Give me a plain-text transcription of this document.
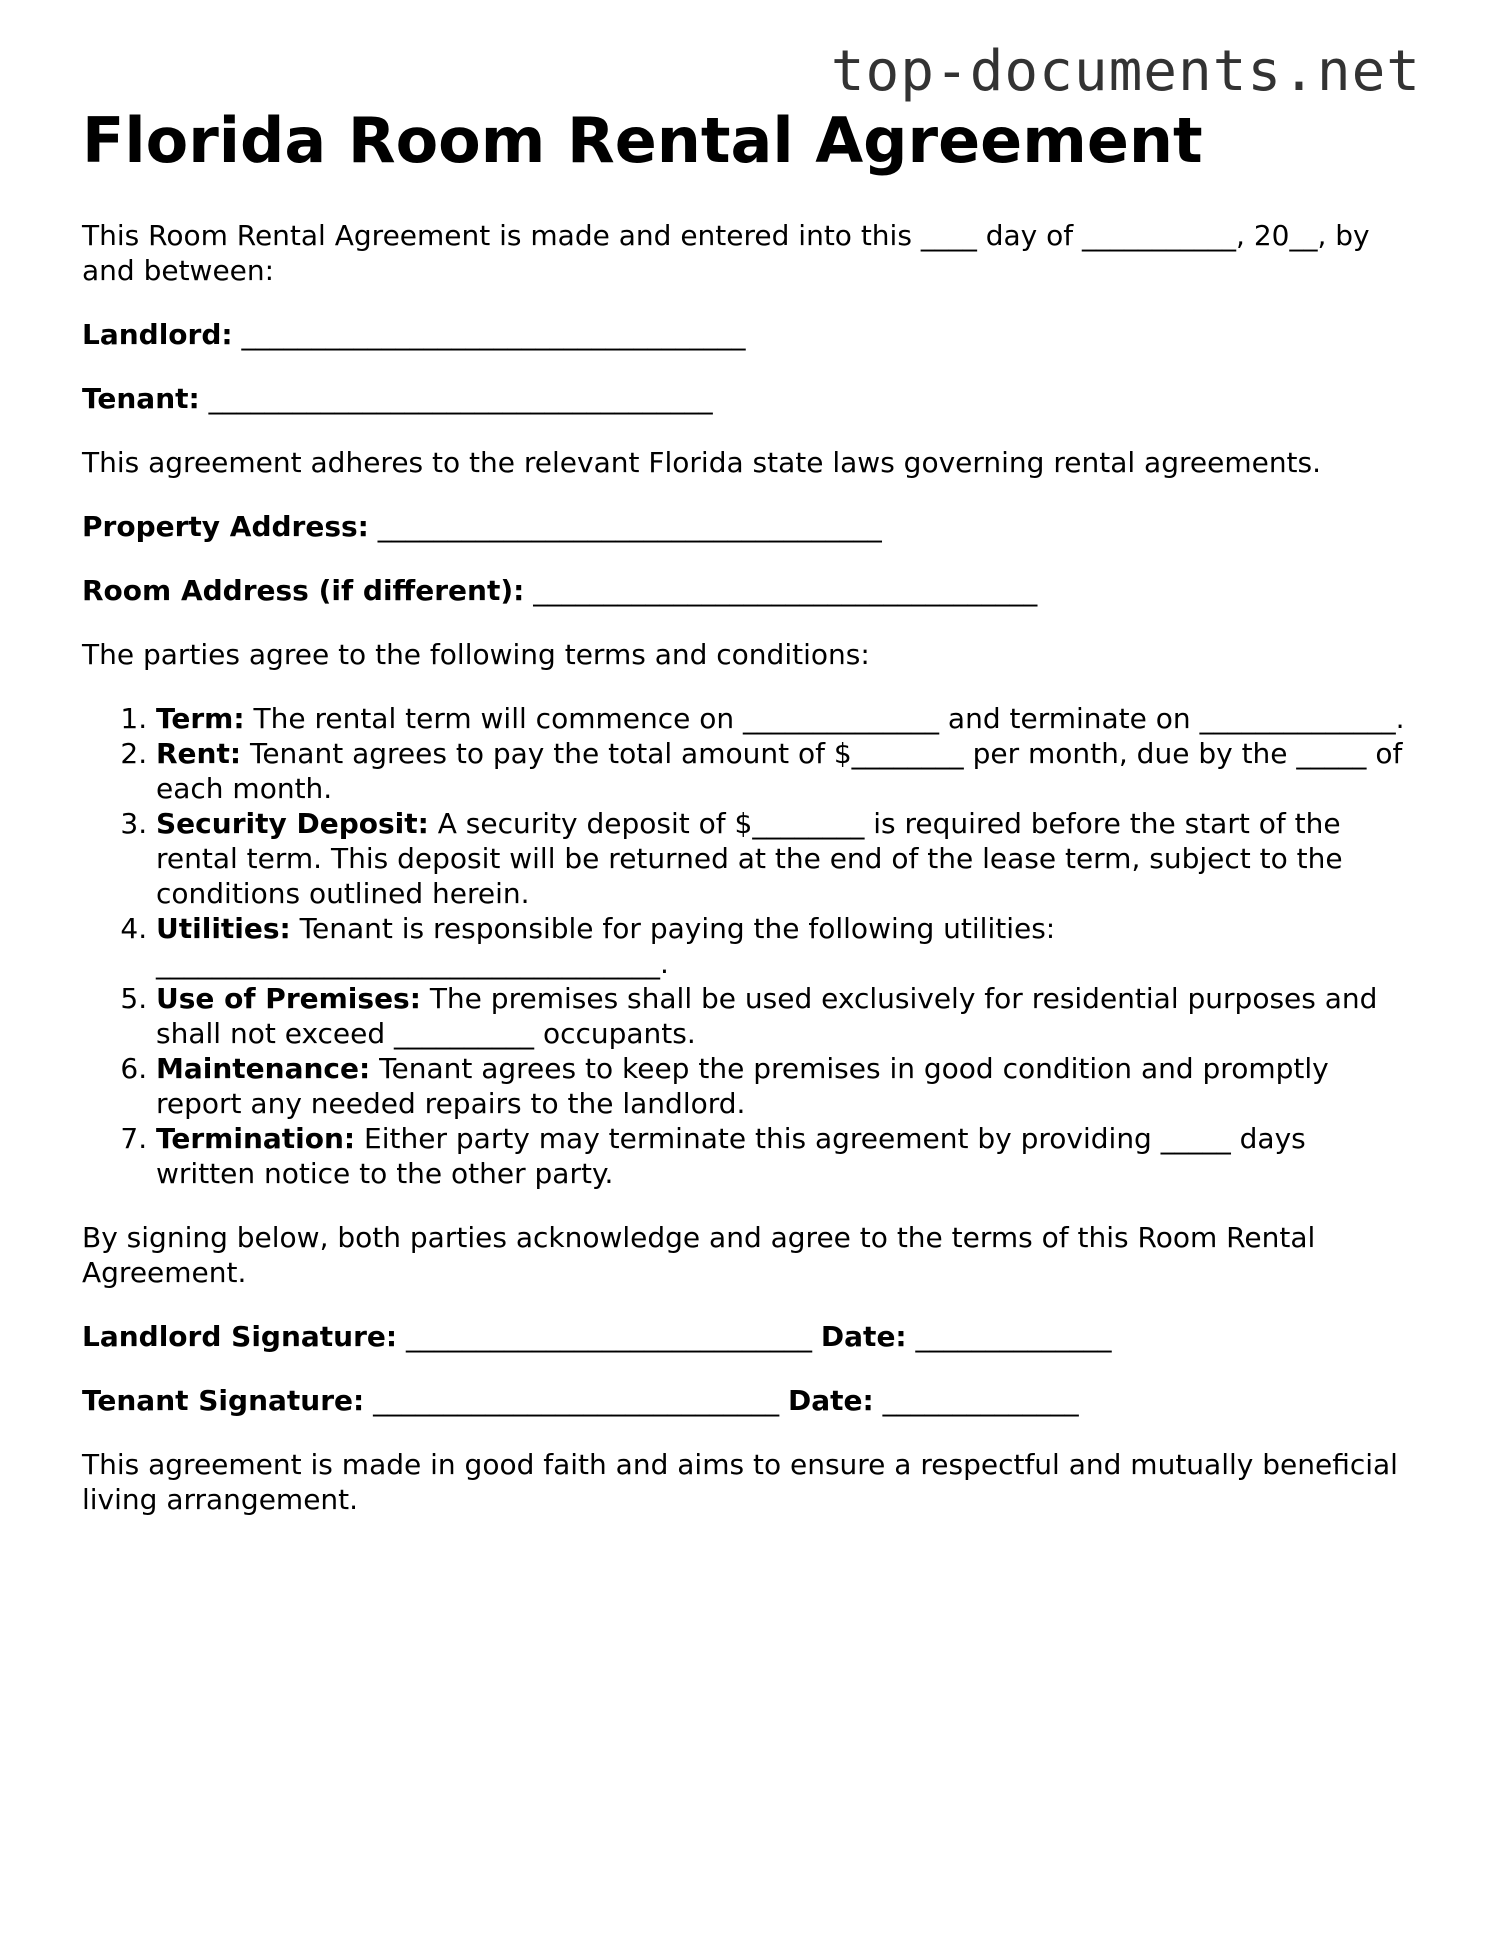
top-documents.net
Florida Room Rental Agreement

This Room Rental Agreement is made and entered into this ____ day of ___________, 20__, by and between:

Landlord: ____________________________________

Tenant: ____________________________________

This agreement adheres to the relevant Florida state laws governing rental agreements.

Property Address: ____________________________________

Room Address (if different): ____________________________________

The parties agree to the following terms and conditions:

1. Term: The rental term will commence on ______________ and terminate on ______________.
2. Rent: Tenant agrees to pay the total amount of $________ per month, due by the _____ of each month.
3. Security Deposit: A security deposit of $________ is required before the start of the rental term. This deposit will be returned at the end of the lease term, subject to the conditions outlined herein.
4. Utilities: Tenant is responsible for paying the following utilities: ____________________________________.
5. Use of Premises: The premises shall be used exclusively for residential purposes and shall not exceed __________ occupants.
6. Maintenance: Tenant agrees to keep the premises in good condition and promptly report any needed repairs to the landlord.
7. Termination: Either party may terminate this agreement by providing _____ days written notice to the other party.

By signing below, both parties acknowledge and agree to the terms of this Room Rental Agreement.

Landlord Signature: _____________________________ Date: ______________

Tenant Signature: _____________________________ Date: ______________

This agreement is made in good faith and aims to ensure a respectful and mutually beneficial living arrangement.
